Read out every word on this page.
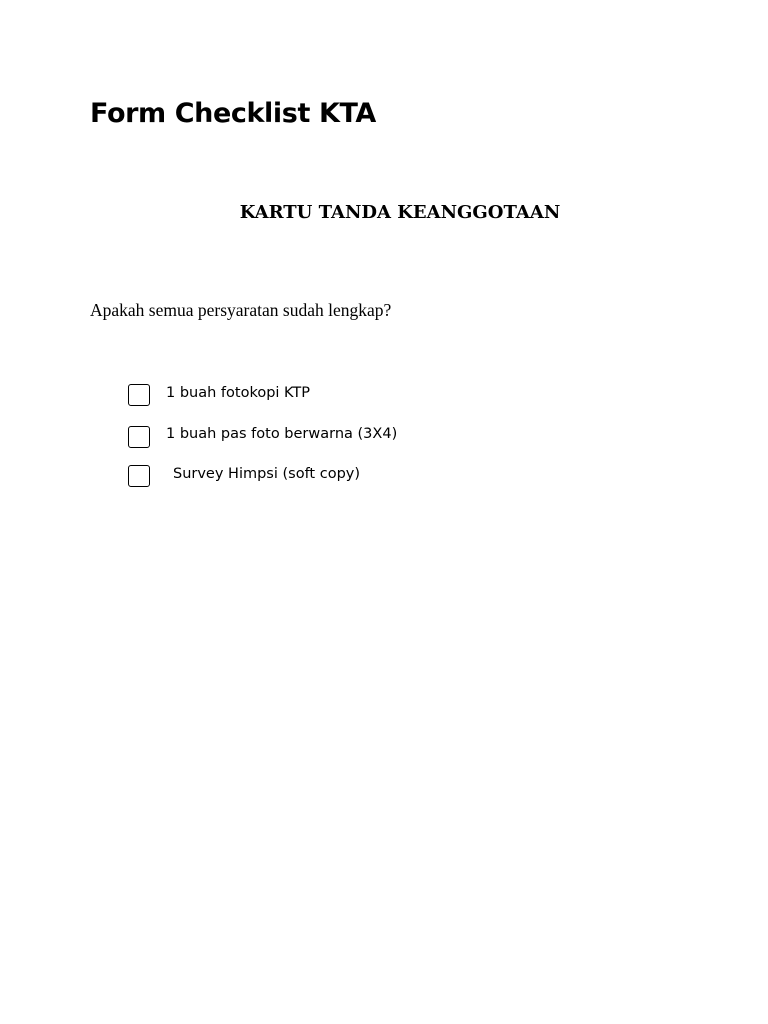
Form Checklist KTA
KARTU TANDA KEANGGOTAAN

Apakah semua persyaratan sudah lengkap?

1 buah fotokopi KTP
1 buah pas foto berwarna (3X4)
Survey Himpsi (soft copy)
